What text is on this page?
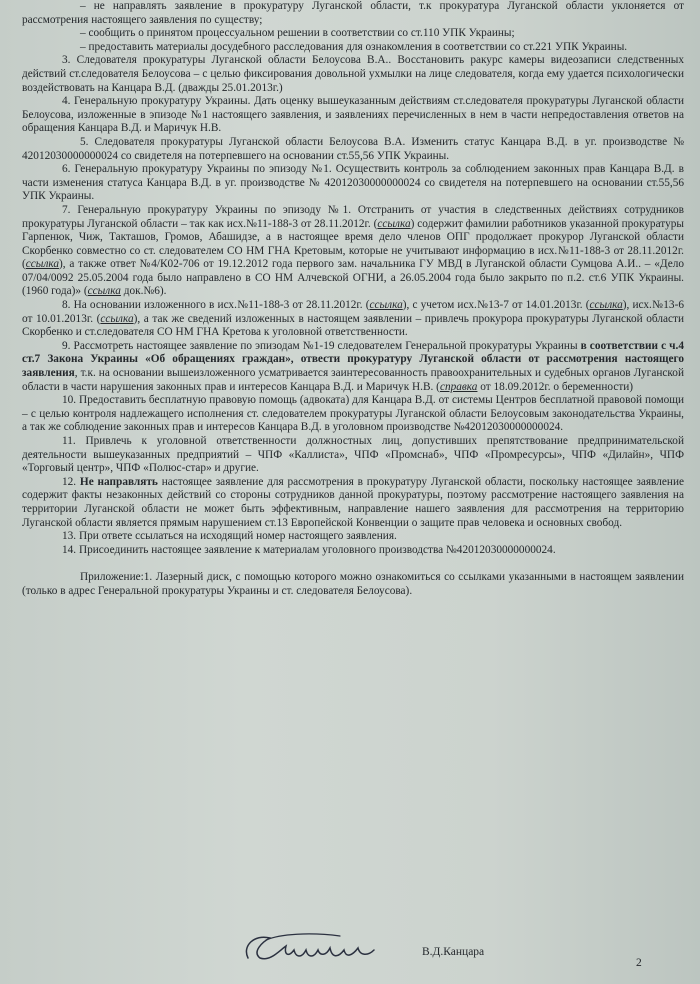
– не направлять заявление в прокуратуру Луганской области, т.к прокуратура Луганской области уклоняется от рассмотрения настоящего заявления по существу;

– сообщить о принятом процессуальном решении в соответствии со ст.110 УПК Украины;

– предоставить материалы досудебного расследования для ознакомления в соответствии со ст.221 УПК Украины.

3. Следователя прокуратуры Луганской области Белоусова В.А.. Восстановить ракурс камеры видеозаписи следственных действий ст.следователя Белоусова – с целью фиксирования довольной ухмылки на лице следователя, когда ему удается психологически воздействовать на Канцара В.Д. (дважды 25.01.2013г.)

4. Генеральную прокуратуру Украины. Дать оценку вышеуказанным действиям ст.следователя прокуратуры Луганской области Белоусова, изложенные в эпизоде №1 настоящего заявления, и заявлениях перечисленных в нем в части непредоставления ответов на обращения Канцара В.Д. и Маричук Н.В.

5. Следователя прокуратуры Луганской области Белоусова В.А. Изменить статус Канцара В.Д. в уг. производстве № 42012030000000024 со свидетеля на потерпевшего на основании ст.55,56 УПК Украины.

6. Генеральную прокуратуру Украины по эпизоду №1. Осуществить контроль за соблюдением законных прав Канцара В.Д. в части изменения статуса Канцара В.Д. в уг. производстве № 42012030000000024 со свидетеля на потерпевшего на основании ст.55,56 УПК Украины.

7. Генеральную прокуратуру Украины по эпизоду №1. Отстранить от участия в следственных действиях сотрудников прокуратуры Луганской области – так как исх.№11-188-3 от 28.11.2012г. (ссылка) содержит фамилии работников указанной прокуратуры Гарпенюк, Чиж, Такташов, Громов, Абашидзе, а в настоящее время дело членов ОПГ продолжает прокурор Луганской области Скорбенко совместно со ст. следователем СО НМ ГНА Кретовым, которые не учитывают информацию в исх.№11-188-3 от 28.11.2012г. (ссылка), а также ответ №4/К02-706 от 19.12.2012 года первого зам. начальника ГУ МВД в Луганской области Сумцова А.И.. – «Дело 07/04/0092 25.05.2004 года было направлено в СО НМ Алчевской ОГНИ, а 26.05.2004 года было закрыто по п.2. ст.6 УПК Украины. (1960 года)» (ссылка док.№6).

8. На основании изложенного в исх.№11-188-3 от 28.11.2012г. (ссылка), с учетом исх.№13-7 от 14.01.2013г. (ссылка), исх.№13-6 от 10.01.2013г. (ссылка), а так же сведений изложенных в настоящем заявлении – привлечь прокурора прокуратуры Луганской области Скорбенко и ст.следователя СО НМ ГНА Кретова к уголовной ответственности.

9. Рассмотреть настоящее заявление по эпизодам №1-19 следователем Генеральной прокуратуры Украины в соответствии с ч.4 ст.7 Закона Украины «Об обращениях граждан», отвести прокуратуру Луганской области от рассмотрения настоящего заявления, т.к. на основании вышеизложенного усматривается заинтересованность правоохранительных и судебных органов Луганской области в части нарушения законных прав и интересов Канцара В.Д. и Маричук Н.В. (справка от 18.09.2012г. о беременности)

10. Предоставить бесплатную правовую помощь (адвоката) для Канцара В.Д. от системы Центров бесплатной правовой помощи – с целью контроля надлежащего исполнения ст. следователем прокуратуры Луганской области Белоусовым законодательства Украины, а так же соблюдение законных прав и интересов Канцара В.Д. в уголовном производстве №42012030000000024.

11. Привлечь к уголовной ответственности должностных лиц, допустивших препятствование предпринимательской деятельности вышеуказанных предприятий – ЧПФ «Каллиста», ЧПФ «Промснаб», ЧПФ «Промресурсы», ЧПФ «Дилайн», ЧПФ «Торговый центр», ЧПФ «Полюс-стар» и другие.

12. Не направлять настоящее заявление для рассмотрения в прокуратуру Луганской области, поскольку настоящее заявление содержит факты незаконных действий со стороны сотрудников данной прокуратуры, поэтому рассмотрение настоящего заявления на территории Луганской области не может быть эффективным, направление нашего заявления для рассмотрения на территорию Луганской области является прямым нарушением ст.13 Европейской Конвенции о защите прав человека и основных свобод.

13. При ответе ссылаться на исходящий номер настоящего заявления.

14. Присоединить настоящее заявление к материалам уголовного производства №42012030000000024.

Приложение:1. Лазерный диск, с помощью которого можно ознакомиться со ссылками указанными в настоящем заявлении (только в адрес Генеральной прокуратуры Украины и ст. следователя Белоусова).

В.Д.Канцара
2
